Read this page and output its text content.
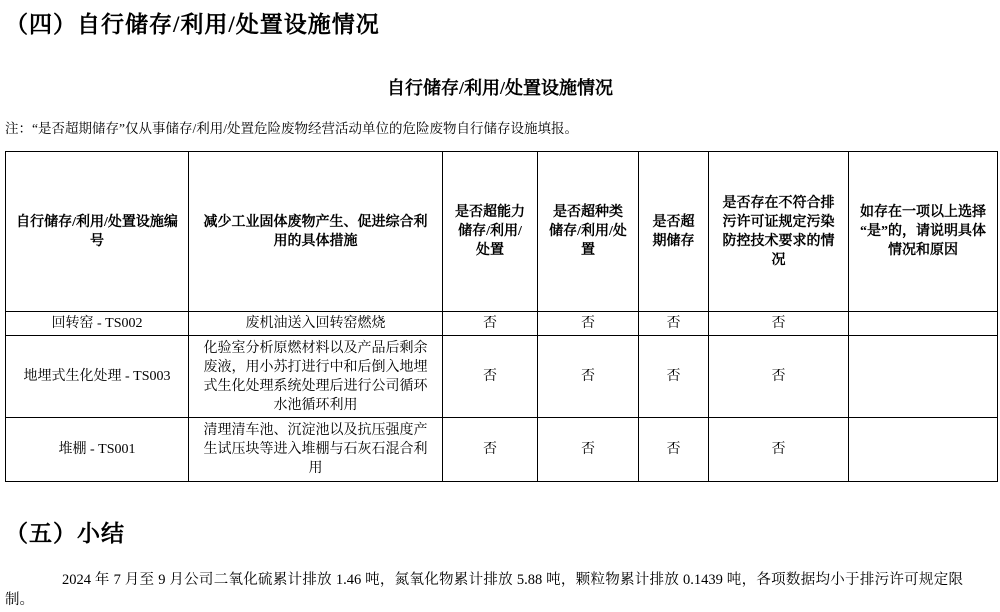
（四）自行储存/利用/处置设施情况
自行储存/利用/处置设施情况

注：“是否超期储存”仅从事储存/利用/处置危险废物经营活动单位的危险废物自行储存设施填报。

自行储存/利用/处置设施编号	减少工业固体废物产生、促进综合利用的具体措施	是否超能力储存/利用/处置	是否超种类储存/利用/处置	是否超期储存	是否存在不符合排污许可证规定污染防控技术要求的情况	如存在一项以上选择“是”的，请说明具体情况和原因
回转窑 - TS002	废机油送入回转窑燃烧	否	否	否	否	
地埋式生化处理 - TS003	化验室分析原燃材料以及产品后剩余废液，用小苏打进行中和后倒入地埋式生化处理系统处理后进行公司循环水池循环利用	否	否	否	否	
堆棚 - TS001	清理清车池、沉淀池以及抗压强度产生试压块等进入堆棚与石灰石混合利用	否	否	否	否	
（五）小结

2024 年 7 月至 9 月公司二氧化硫累计排放 1.46 吨，氮氧化物累计排放 5.88 吨，颗粒物累计排放 0.1439 吨，各项数据均小于排污许可规定限制。
